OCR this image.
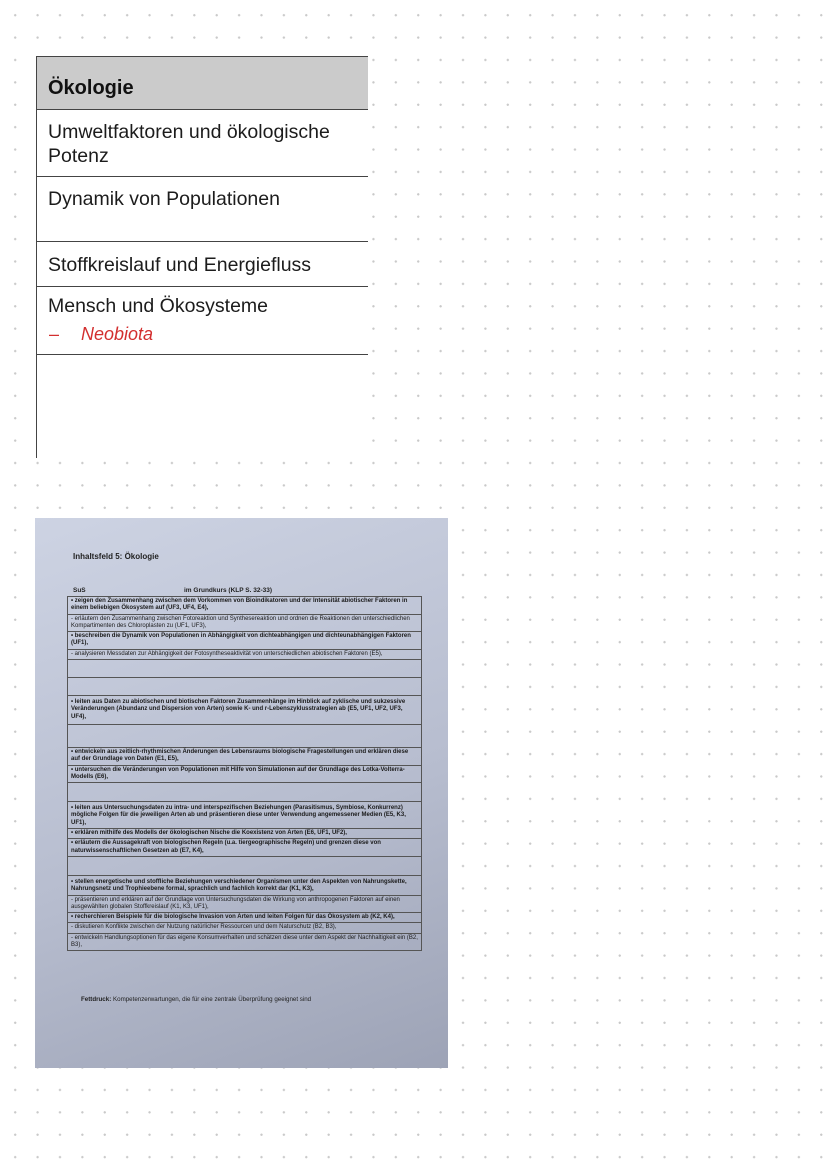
Ökologie
Umweltfaktoren und ökologische Potenz
Dynamik von Populationen
Stoffkreislauf und Energiefluss
Mensch und Ökosysteme
– Neobiota
Inhaltsfeld 5: Ökologie
SuS	im Grundkurs (KLP S. 32-33)
• zeigen den Zusammenhang zwischen dem Vorkommen von Bioindikatoren und der Intensität abiotischer Faktoren in einem beliebigen Ökosystem auf (UF3, UF4, E4),
- erläutern den Zusammenhang zwischen Fotoreaktion und Synthesereaktion und ordnen die Reaktionen den unterschiedlichen Kompartimenten des Chloroplasten zu (UF1, UF3),
• beschreiben die Dynamik von Populationen in Abhängigkeit von dichteabhängigen und dichteunabhängigen Faktoren (UF1),
- analysieren Messdaten zur Abhängigkeit der Fotosyntheseaktivität von unterschiedlichen abiotischen Faktoren (E5),
• leiten aus Daten zu abiotischen und biotischen Faktoren Zusammenhänge im Hinblick auf zyklische und sukzessive Veränderungen (Abundanz und Dispersion von Arten) sowie K- und r-Lebenszyklusstrategien ab (E5, UF1, UF2, UF3, UF4),
• entwickeln aus zeitlich-rhythmischen Änderungen des Lebensraums biologische Fragestellungen und erklären diese auf der Grundlage von Daten (E1, E5),
• untersuchen die Veränderungen von Populationen mit Hilfe von Simulationen auf der Grundlage des Lotka-Volterra-Modells (E6),
• leiten aus Untersuchungsdaten zu intra- und interspezifischen Beziehungen (Parasitismus, Symbiose, Konkurrenz) mögliche Folgen für die jeweiligen Arten ab und präsentieren diese unter Verwendung angemessener Medien (E5, K3, UF1),
• erklären mithilfe des Modells der ökologischen Nische die Koexistenz von Arten (E6, UF1, UF2),
• erläutern die Aussagekraft von biologischen Regeln (u.a. tiergeographische Regeln) und grenzen diese von naturwissenschaftlichen Gesetzen ab (E7, K4),
• stellen energetische und stoffliche Beziehungen verschiedener Organismen unter den Aspekten von Nahrungskette, Nahrungsnetz und Trophieebene formal, sprachlich und fachlich korrekt dar (K1, K3),
- präsentieren und erklären auf der Grundlage von Untersuchungsdaten die Wirkung von anthropogenen Faktoren auf einen ausgewählten globalen Stoffkreislauf (K1, K3, UF1),
• recherchieren Beispiele für die biologische Invasion von Arten und leiten Folgen für das Ökosystem ab (K2, K4),
- diskutieren Konflikte zwischen der Nutzung natürlicher Ressourcen und dem Naturschutz (B2, B3),
- entwickeln Handlungsoptionen für das eigene Konsumverhalten und schätzen diese unter dem Aspekt der Nachhaltigkeit ein (B2, B3),
Fettdruck: Kompetenzerwartungen, die für eine zentrale Überprüfung geeignet sind
